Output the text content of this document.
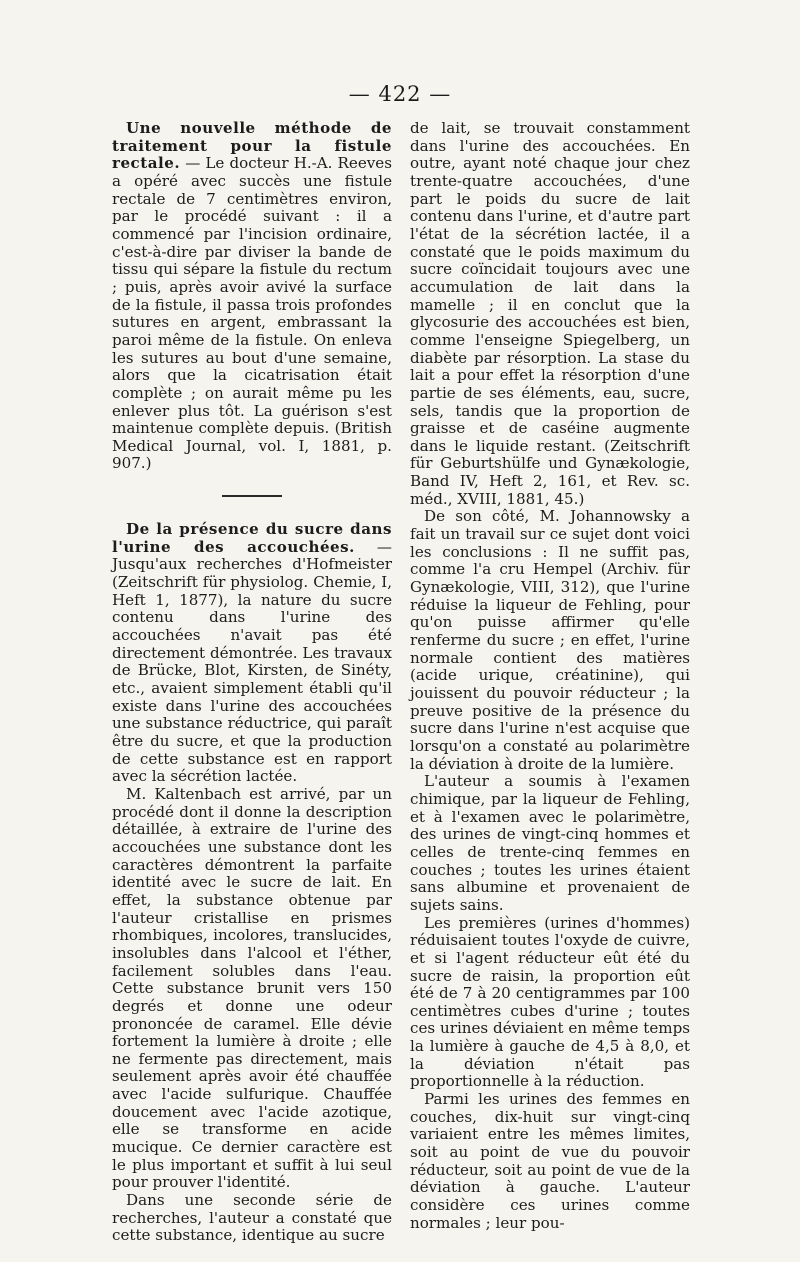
— 422 —

Une nouvelle méthode de traitement pour la fistule rectale. — Le docteur H.-A. Reeves a opéré avec succès une fistule rectale de 7 centimètres environ, par le procédé suivant : il a commencé par l'incision ordinaire, c'est-à-dire par diviser la bande de tissu qui sépare la fistule du rectum ; puis, après avoir avivé la surface de la fistule, il passa trois profondes sutures en argent, embrassant la paroi même de la fistule. On enleva les sutures au bout d'une semaine, alors que la cicatrisation était complète ; on aurait même pu les enlever plus tôt. La guérison s'est maintenue complète depuis. (British Medical Journal, vol. I, 1881, p. 907.)

De la présence du sucre dans l'urine des accouchées. — Jusqu'aux recherches d'Hofmeister (Zeitschrift für physiolog. Chemie, I, Heft 1, 1877), la nature du sucre contenu dans l'urine des accouchées n'avait pas été directement démontrée. Les travaux de Brücke, Blot, Kirsten, de Sinéty, etc., avaient simplement établi qu'il existe dans l'urine des accouchées une substance réductrice, qui paraît être du sucre, et que la production de cette substance est en rapport avec la sécrétion lactée.

M. Kaltenbach est arrivé, par un procédé dont il donne la description détaillée, à extraire de l'urine des accouchées une substance dont les caractères démontrent la parfaite identité avec le sucre de lait. En effet, la substance obtenue par l'auteur cristallise en prismes rhombiques, incolores, translucides, insolubles dans l'alcool et l'éther, facilement solubles dans l'eau. Cette substance brunit vers 150 degrés et donne une odeur prononcée de caramel. Elle dévie fortement la lumière à droite ; elle ne fermente pas directement, mais seulement après avoir été chauffée avec l'acide sulfurique. Chauffée doucement avec l'acide azotique, elle se transforme en acide mucique. Ce dernier caractère est le plus important et suffit à lui seul pour prouver l'identité.

Dans une seconde série de recherches, l'auteur a constaté que cette substance, identique au sucre

de lait, se trouvait constamment dans l'urine des accouchées. En outre, ayant noté chaque jour chez trente-quatre accouchées, d'une part le poids du sucre de lait contenu dans l'urine, et d'autre part l'état de la sécrétion lactée, il a constaté que le poids maximum du sucre coïncidait toujours avec une accumulation de lait dans la mamelle ; il en conclut que la glycosurie des accouchées est bien, comme l'enseigne Spiegelberg, un diabète par résorption. La stase du lait a pour effet la résorption d'une partie de ses éléments, eau, sucre, sels, tandis que la proportion de graisse et de caséine augmente dans le liquide restant. (Zeitschrift für Geburtshülfe und Gynækologie, Band IV, Heft 2, 161, et Rev. sc. méd., XVIII, 1881, 45.)

De son côté, M. Johannowsky a fait un travail sur ce sujet dont voici les conclusions : Il ne suffit pas, comme l'a cru Hempel (Archiv. für Gynækologie, VIII, 312), que l'urine réduise la liqueur de Fehling, pour qu'on puisse affirmer qu'elle renferme du sucre ; en effet, l'urine normale contient des matières (acide urique, créatinine), qui jouissent du pouvoir réducteur ; la preuve positive de la présence du sucre dans l'urine n'est acquise que lorsqu'on a constaté au polarimètre la déviation à droite de la lumière.

L'auteur a soumis à l'examen chimique, par la liqueur de Fehling, et à l'examen avec le polarimètre, des urines de vingt-cinq hommes et celles de trente-cinq femmes en couches ; toutes les urines étaient sans albumine et provenaient de sujets sains.

Les premières (urines d'hommes) réduisaient toutes l'oxyde de cuivre, et si l'agent réducteur eût été du sucre de raisin, la proportion eût été de 7 à 20 centigrammes par 100 centimètres cubes d'urine ; toutes ces urines déviaient en même temps la lumière à gauche de 4,5 à 8,0, et la déviation n'était pas proportionnelle à la réduction.

Parmi les urines des femmes en couches, dix-huit sur vingt-cinq variaient entre les mêmes limites, soit au point de vue du pouvoir réducteur, soit au point de vue de la déviation à gauche. L'auteur considère ces urines comme normales ; leur pou-
